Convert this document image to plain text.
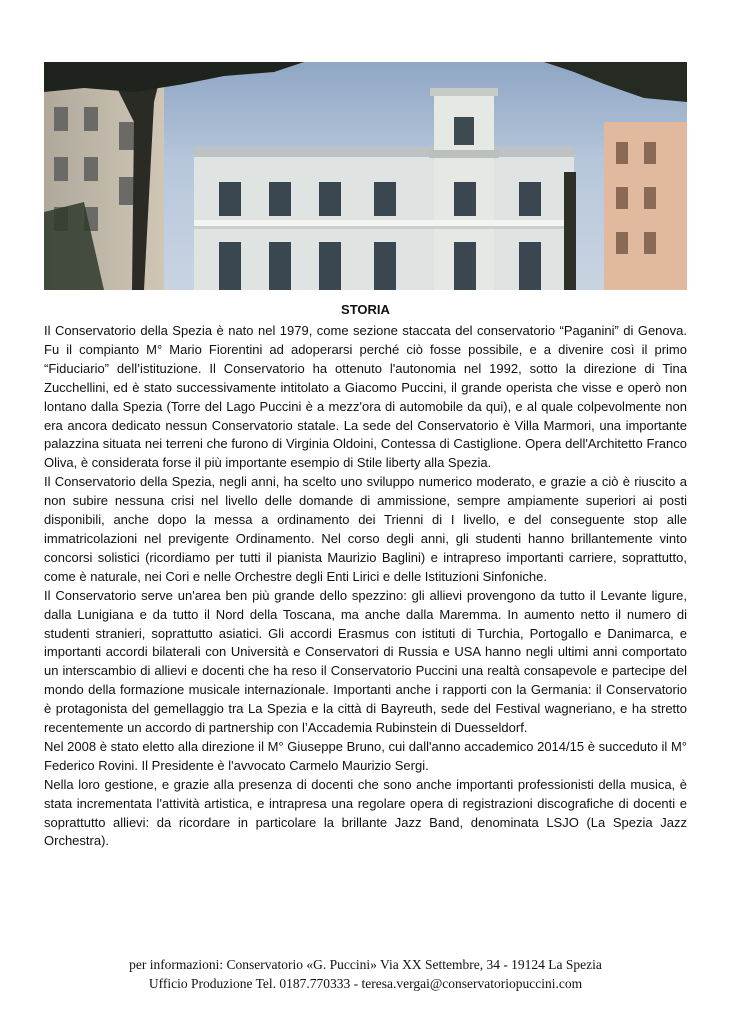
STORIA

Il Conservatorio della Spezia è nato nel 1979, come sezione staccata del conservatorio “Paganini” di Genova. Fu il compianto M° Mario Fiorentini ad adoperarsi perché ciò fosse possibile, e a divenire così il primo “Fiduciario” dell’istituzione. Il Conservatorio ha ottenuto l'autonomia nel 1992, sotto la direzione di Tina Zucchellini, ed è stato successivamente intitolato a Giacomo Puccini, il grande operista che visse e operò non lontano dalla Spezia (Torre del Lago Puccini è a mezz'ora di automobile da qui), e al quale colpevolmente non era ancora dedicato nessun Conservatorio statale. La sede del Conservatorio è Villa Marmori, una importante palazzina situata nei terreni che furono di Virginia Oldoini, Contessa di Castiglione. Opera dell'Architetto Franco Oliva, è considerata forse il più importante esempio di Stile liberty alla Spezia.

Il Conservatorio della Spezia, negli anni, ha scelto uno sviluppo numerico moderato, e grazie a ciò è riuscito a non subire nessuna crisi nel livello delle domande di ammissione, sempre ampiamente superiori ai posti disponibili, anche dopo la messa a ordinamento dei Trienni di I livello, e del conseguente stop alle immatricolazioni nel previgente Ordinamento. Nel corso degli anni, gli studenti hanno brillantemente vinto concorsi solistici (ricordiamo per tutti il pianista Maurizio Baglini) e intrapreso importanti carriere, soprattutto, come è naturale, nei Cori e nelle Orchestre degli Enti Lirici e delle Istituzioni Sinfoniche.

Il Conservatorio serve un'area ben più grande dello spezzino: gli allievi provengono da tutto il Levante ligure, dalla Lunigiana e da tutto il Nord della Toscana, ma anche dalla Maremma. In aumento netto il numero di studenti stranieri, soprattutto asiatici. Gli accordi Erasmus con istituti di Turchia, Portogallo e Danimarca, e importanti accordi bilaterali con Università e Conservatori di Russia e USA hanno negli ultimi anni comportato un interscambio di allievi e docenti che ha reso il Conservatorio Puccini una realtà consapevole e partecipe del mondo della formazione musicale internazionale. Importanti anche i rapporti con la Germania: il Conservatorio è protagonista del gemellaggio tra La Spezia e la città di Bayreuth, sede del Festival wagneriano, e ha stretto recentemente un accordo di partnership con l’Accademia Rubinstein di Duesseldorf.

Nel 2008 è stato eletto alla direzione il M° Giuseppe Bruno, cui dall'anno accademico 2014/15 è succeduto il M° Federico Rovini. Il Presidente è l'avvocato Carmelo Maurizio Sergi.

Nella loro gestione, e grazie alla presenza di docenti che sono anche importanti professionisti della musica, è stata incrementata l'attività artistica, e intrapresa una regolare opera di registrazioni discografiche di docenti e soprattutto allievi: da ricordare in particolare la brillante Jazz Band, denominata LSJO (La Spezia Jazz Orchestra).

per informazioni: Conservatorio «G. Puccini» Via XX Settembre, 34 - 19124 La Spezia
Ufficio Produzione Tel. 0187.770333 - teresa.vergai@conservatoriopuccini.com
